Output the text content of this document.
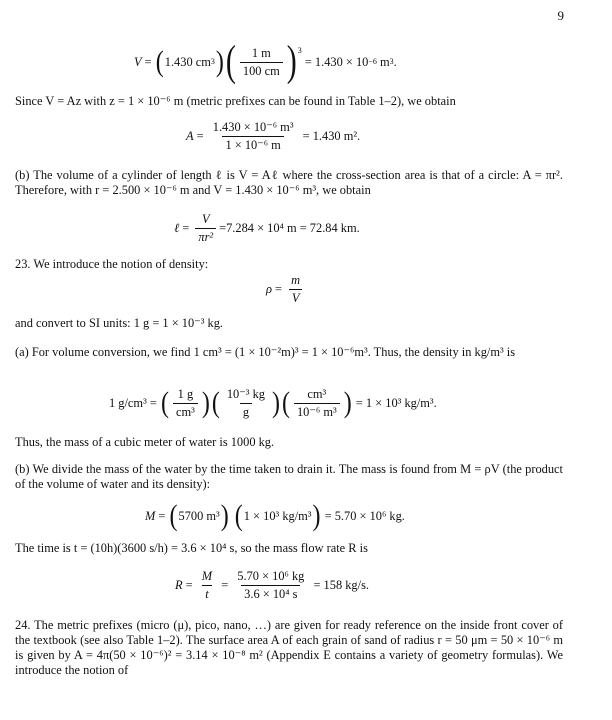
9
V = ( 1.430 cm 3 ) ( $\frac{1 m}{100 cm}$ ) 3
= 1.430 × 10 −6
m 3 .
Since V = Az with z = 1 × 10⁻⁶ m (metric prefixes can be found in Table 1–2), we obtain
$A = \frac{\text{1.430 × 10⁻⁶ m³}}{\text{1 × 10⁻⁶ m}} = 1.430$ m².
(b) The volume of a cylinder of length ℓ is V = Aℓ where the cross-section area is that of a circle: A = πr². Therefore, with r = 2.500 × 10⁻⁶ m and V = 1.430 × 10⁻⁶ m³, we obtain
ℓ = $\frac{V}{\text{πr²}} = 7.284 \times 10^4$ m = 72.84 km.
23. We introduce the notion of density:
$\rho = \frac{m}{V}$
and convert to SI units: 1 g = 1 × 10⁻³ kg.
(a) For volume conversion, we find 1 cm³ = (1 × 10⁻²m)³ = 1 × 10⁻⁶m³. Thus, the density in kg/m³ is
1 g/cm³ = ( $\frac{1 g}{\text{cm³}}$ ) ( $\frac{\text{10⁻³ kg}}{g}$ ) ( $\frac{\text{cm³}}{\text{10⁻⁶ m³}}$ ) = 1 × 10³ kg/m³.
Thus, the mass of a cubic meter of water is 1000 kg.
(b) We divide the mass of the water by the time taken to drain it. The mass is found from M = ρV (the product of the volume of water and its density):
M = ( 5700 m³ ) ( 1 × 10³ kg/m³ ) = 5.70 × 10⁶ kg.
The time is t = (10h)(3600 s/h) = 3.6 × 10⁴ s, so the mass flow rate R is
$R = \frac{M}{t} = \frac{\text{5.70 × 10⁶ kg}}{\text{3.6 × 10⁴ s}} = 158$ kg/s.
24. The metric prefixes (micro (μ), pico, nano, …) are given for ready reference on the inside front cover of the textbook (see also Table 1–2). The surface area A of each grain of sand of radius r = 50 μm = 50 × 10⁻⁶ m is given by A = 4π(50 × 10⁻⁶)² = 3.14 × 10⁻⁸ m² (Appendix E contains a variety of geometry formulas). We introduce the notion of
